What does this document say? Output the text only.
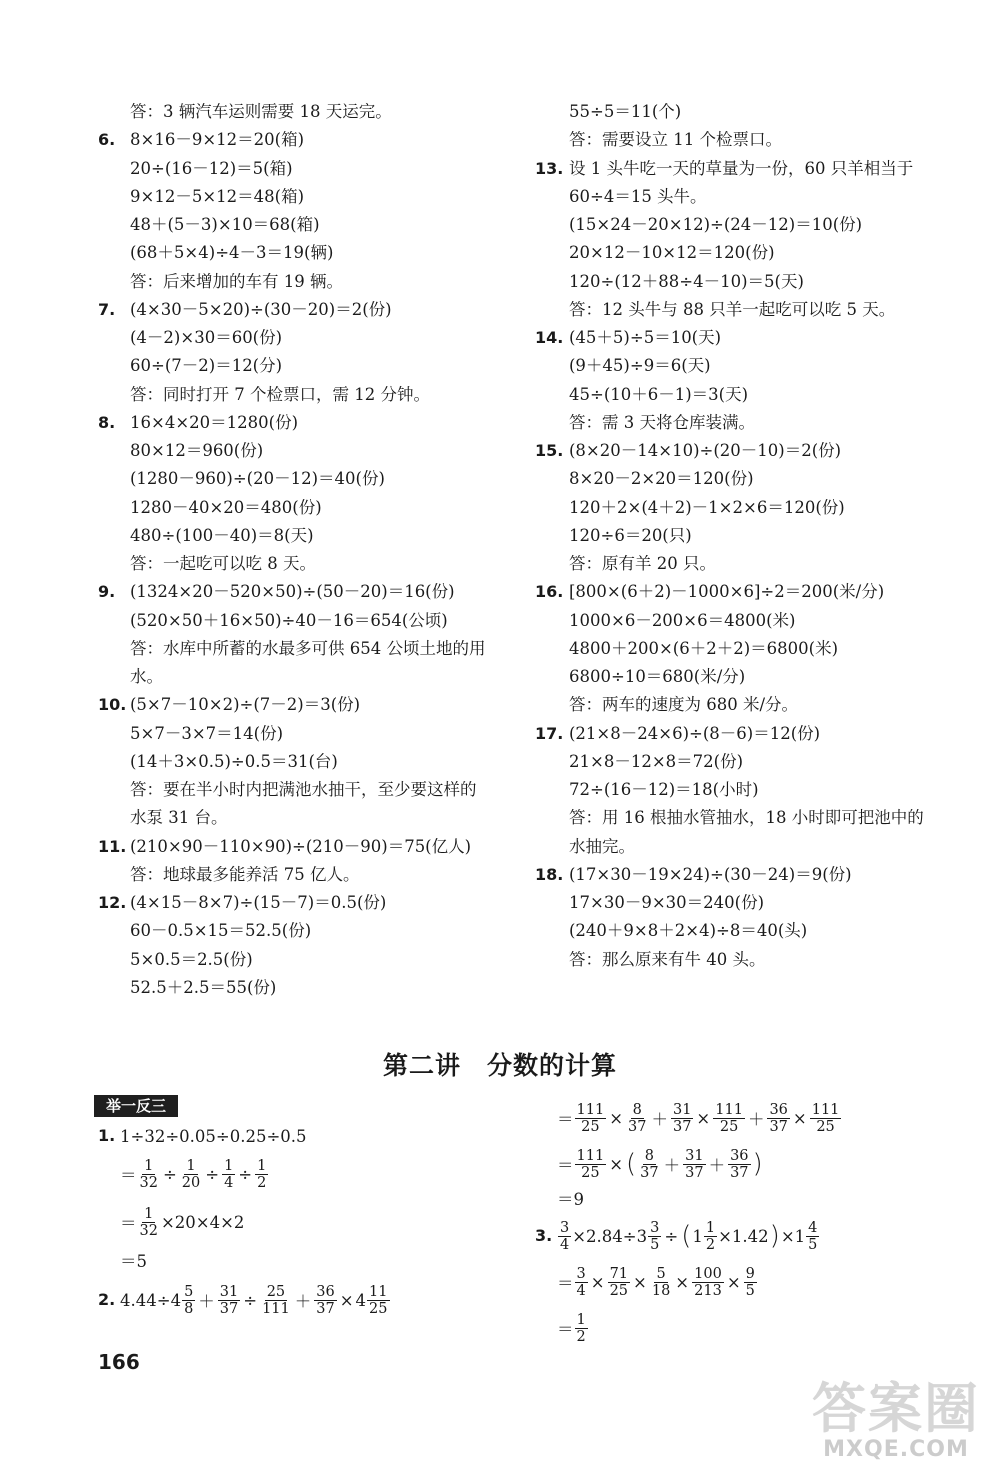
答：3 辆汽车运则需要 18 天运完。
6. 8×16－9×12＝20(箱)
20÷(16－12)＝5(箱)
9×12－5×12＝48(箱)
48＋(5－3)×10＝68(箱)
(68＋5×4)÷4－3＝19(辆)
答：后来增加的车有 19 辆。
7. (4×30－5×20)÷(30－20)＝2(份)
(4－2)×30＝60(份)
60÷(7－2)＝12(分)
答：同时打开 7 个检票口，需 12 分钟。
8. 16×4×20＝1280(份)
80×12＝960(份)
(1280－960)÷(20－12)＝40(份)
1280－40×20＝480(份)
480÷(100－40)＝8(天)
答：一起吃可以吃 8 天。
9. (1324×20－520×50)÷(50－20)＝16(份)
(520×50＋16×50)÷40－16＝654(公顷)
答：水库中所蓄的水最多可供 654 公顷土地的用
水。
10. (5×7－10×2)÷(7－2)＝3(份)
5×7－3×7＝14(份)
(14＋3×0.5)÷0.5＝31(台)
答：要在半小时内把满池水抽干，至少要这样的
水泵 31 台。
11. (210×90－110×90)÷(210－90)＝75(亿人)
答：地球最多能养活 75 亿人。
12. (4×15－8×7)÷(15－7)＝0.5(份)
60－0.5×15＝52.5(份)
5×0.5＝2.5(份)
52.5＋2.5＝55(份)
55÷5＝11(个)
答：需要设立 11 个检票口。
13. 设 1 头牛吃一天的草量为一份，60 只羊相当于
60÷4＝15 头牛。
(15×24－20×12)÷(24－12)＝10(份)
20×12－10×12＝120(份)
120÷(12＋88÷4－10)＝5(天)
答：12 头牛与 88 只羊一起吃可以吃 5 天。
14. (45＋5)÷5＝10(天)
(9＋45)÷9＝6(天)
45÷(10＋6－1)＝3(天)
答：需 3 天将仓库装满。
15. (8×20－14×10)÷(20－10)＝2(份)
8×20－2×20＝120(份)
120＋2×(4＋2)－1×2×6＝120(份)
120÷6＝20(只)
答：原有羊 20 只。
16. [800×(6＋2)－1000×6]÷2＝200(米/分)
1000×6－200×6＝4800(米)
4800＋200×(6＋2＋2)＝6800(米)
6800÷10＝680(米/分)
答：两车的速度为 680 米/分。
17. (21×8－24×6)÷(8－6)＝12(份)
21×8－12×8＝72(份)
72÷(16－12)＝18(小时)
答：用 16 根抽水管抽水，18 小时即可把池中的
水抽完。
18. (17×30－19×24)÷(30－24)＝9(份)
17×30－9×30＝240(份)
(240＋9×8＋2×4)÷8＝40(头)
答：那么原来有牛 40 头。
第二讲　分数的计算
举一反三
1. 1÷32÷0.05÷0.25÷0.5
＝ $\frac{1}{32} \div \frac{1}{20} \div \frac{1}{4} \div \frac{1}{2}$
＝ $\frac{1}{32} \times 20\times 4\times 2$
＝5
2. 4.44÷4 5
$8 + \frac{31}{37} \div \frac{25}{111} + \frac{36}{37} \times 4$ 11
25
＝ $\frac{111}{25} \times \frac{8}{37} + \frac{31}{37} \times \frac{111}{25} + \frac{36}{37} \times \frac{111}{25}$
＝ $\frac{111}{25}$ × ( 8
37 ＋
31
37 ＋
36
37 )
＝9
3. $\frac{3}{4} \times 2.84\div 3 \frac{3}{5}$ ÷ ( $1 \frac{1}{2} \times 1.42$ ) ×1 4
5
＝ $\frac{3}{4} \times \frac{71}{25} \times \frac{5}{18} \times \frac{100}{213} \times \frac{9}{5}$
＝
1
2
166
答案圈
MXQE.COM
